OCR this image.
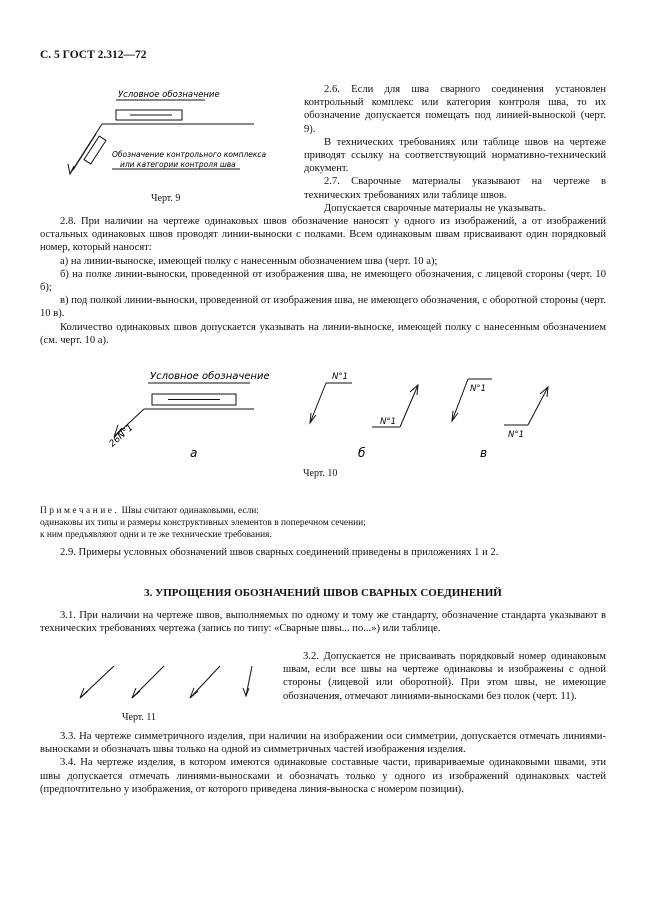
С. 5 ГОСТ 2.312—72
Условное обозначение
Обозначение контрольного комплекса
или категории контроля шва
Черт. 9

2.6. Если для шва сварного соединения установлен контрольный комплекс или категория контроля шва, то их обозначение допускается помещать под линией-выноской (черт. 9).

В технических требованиях или таблице швов на чертеже приводят ссылку на соответствующий нормативно-технический документ.

2.7. Сварочные материалы указывают на чертеже в технических требованиях или таблице швов.

Допускается сварочные материалы не указывать.

2.8. При наличии на чертеже одинаковых швов обозначение наносят у одного из изображений, а от изображений остальных одинаковых швов проводят линии-выноски с полками. Всем одинаковым швам присваивают один порядковый номер, который наносят:

а) на линии-выноске, имеющей полку с нанесенным обозначением шва (черт. 10 а);

б) на полке линии-выноски, проведенной от изображения шва, не имеющего обозначения, с лицевой стороны (черт. 10 б);

в) под полкой линии-выноски, проведенной от изображения шва, не имеющего обозначения, с оборотной стороны (черт. 10 в).

Количество одинаковых швов допускается указывать на линии-выноске, имеющей полку с нанесенным обозначением (см. черт. 10 а).

Условное обозначение
26N°1
N°1
N°1
N°1
N°1
а	б	в
Черт. 10
Примечание. Швы считают одинаковыми, если:
одинаковы их типы и размеры конструктивных элементов в поперечном сечении;
к ним предъявляют одни и те же технические требования.

2.9. Примеры условных обозначений швов сварных соединений приведены в приложениях 1 и 2.

3. УПРОЩЕНИЯ ОБОЗНАЧЕНИЙ ШВОВ СВАРНЫХ СОЕДИНЕНИЙ

3.1. При наличии на чертеже швов, выполняемых по одному и тому же стандарту, обозначение стандарта указывают в технических требованиях чертежа (запись по типу: «Сварные швы... по...») или таблице.

Черт. 11

3.2. Допускается не присваивать порядковый номер одинаковым швам, если все швы на чертеже одинаковы и изображены с одной стороны (лицевой или оборотной). При этом швы, не имеющие обозначения, отмечают линиями-выносками без полок (черт. 11).

3.3. На чертеже симметричного изделия, при наличии на изображении оси симметрии, допускается отмечать линиями-выносками и обозначать швы только на одной из симметричных частей изображения изделия.

3.4. На чертеже изделия, в котором имеются одинаковые составные части, привариваемые одинаковыми швами, эти швы допускается отмечать линиями-выносками и обозначать только у одного из изображений одинаковых частей (предпочтительно у изображения, от которого приведена линия-выноска с номером позиции).
